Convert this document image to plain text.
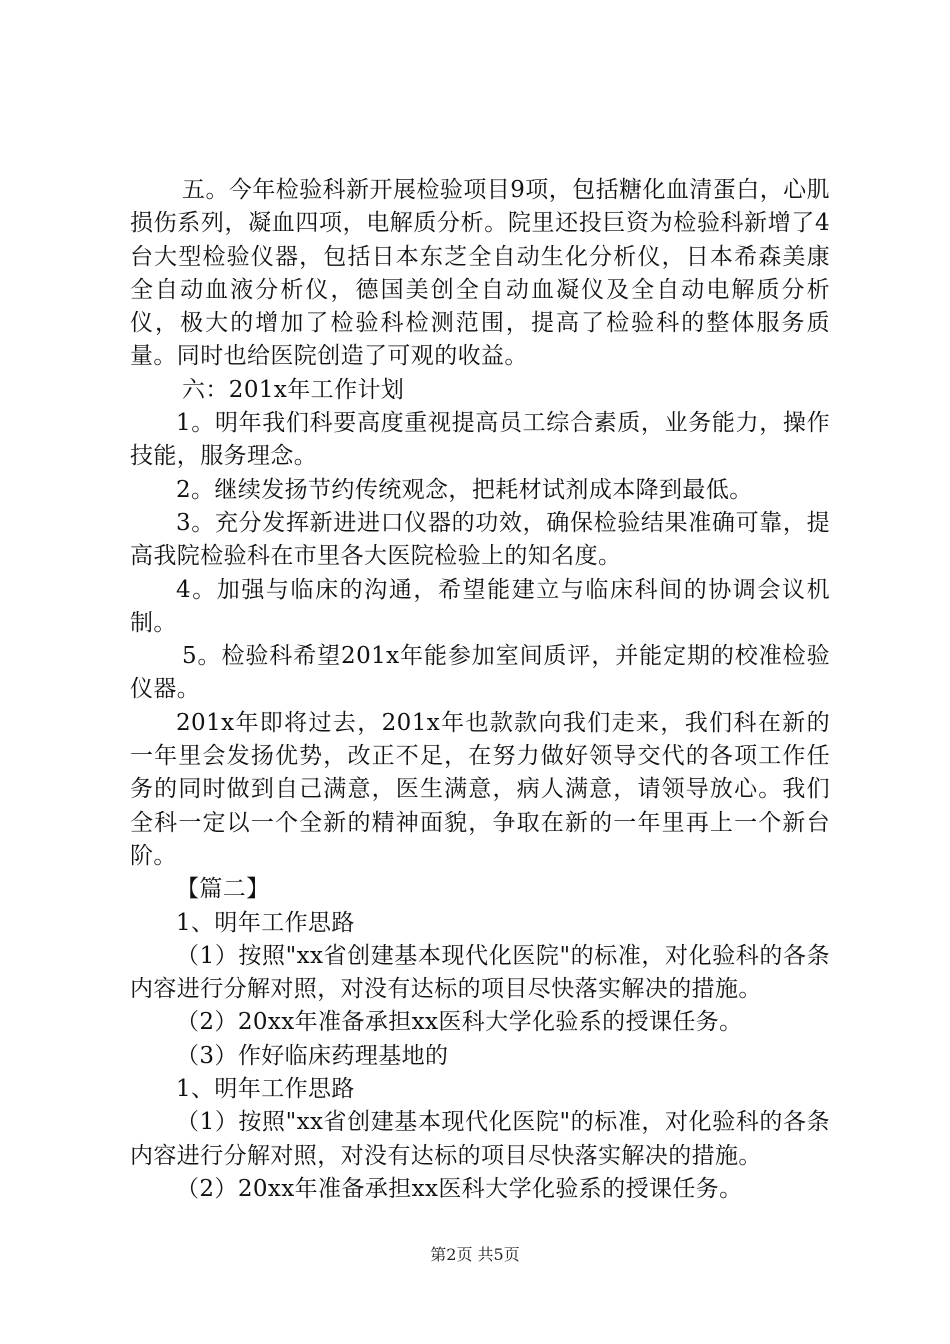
五。今年检验科新开展检验项目9项，包括糖化血清蛋白，心肌损伤系列，凝血四项，电解质分析。院里还投巨资为检验科新增了4台大型检验仪器，包括日本东芝全自动生化分析仪，日本希森美康全自动血液分析仪，德国美创全自动血凝仪及全自动电解质分析仪，极大的增加了检验科检测范围，提高了检验科的整体服务质量。同时也给医院创造了可观的收益。

六：201x年工作计划

1。明年我们科要高度重视提高员工综合素质，业务能力，操作技能，服务理念。

2。继续发扬节约传统观念，把耗材试剂成本降到最低。

3。充分发挥新进进口仪器的功效，确保检验结果准确可靠，提高我院检验科在市里各大医院检验上的知名度。

4。加强与临床的沟通，希望能建立与临床科间的协调会议机制。

5。检验科希望201x年能参加室间质评，并能定期的校准检验仪器。

201x年即将过去，201x年也款款向我们走来，我们科在新的一年里会发扬优势，改正不足，在努力做好领导交代的各项工作任务的同时做到自己满意，医生满意，病人满意，请领导放心。我们全科一定以一个全新的精神面貌，争取在新的一年里再上一个新台阶。

【篇二】

1、明年工作思路

（1）按照"xx省创建基本现代化医院"的标准，对化验科的各条内容进行分解对照，对没有达标的项目尽快落实解决的措施。

（2）20xx年准备承担xx医科大学化验系的授课任务。

（3）作好临床药理基地的

1、明年工作思路

（1）按照"xx省创建基本现代化医院"的标准，对化验科的各条内容进行分解对照，对没有达标的项目尽快落实解决的措施。

（2）20xx年准备承担xx医科大学化验系的授课任务。

第2页 共5页
